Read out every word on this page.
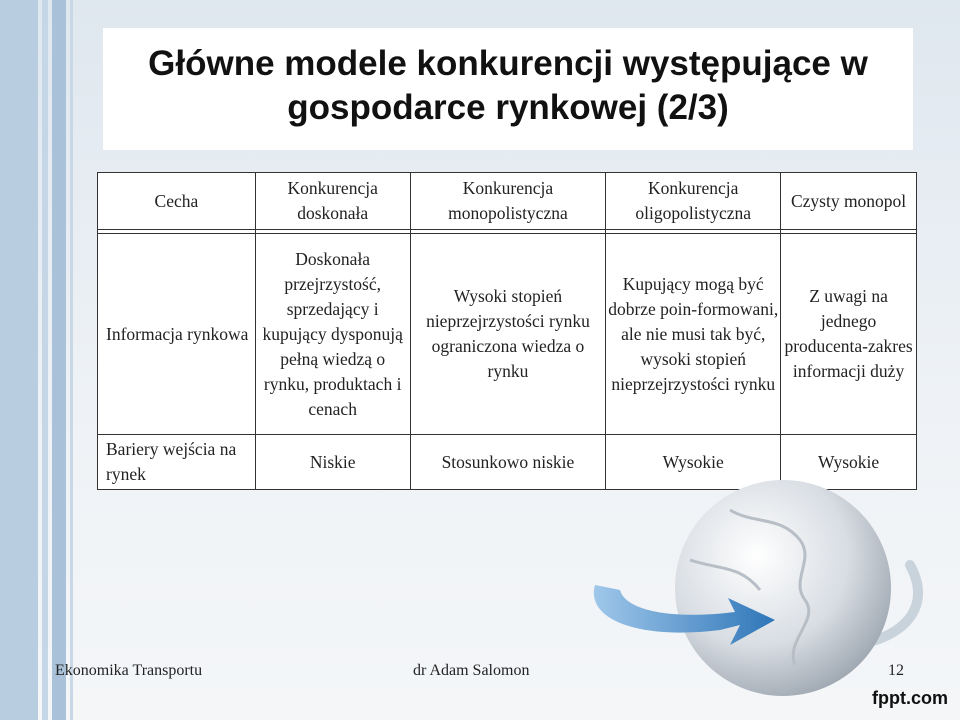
Główne modele konkurencji występujące w gospodarce rynkowej (2/3)
Cecha	Konkurencja doskonała	Konkurencja monopolistyczna	Konkurencja oligopolistyczna	Czysty monopol

Informacja rynkowa	Doskonała przejrzystość, sprzedający i kupujący dysponują pełną wiedzą o rynku, produktach i cenach	Wysoki stopień nieprzejrzystości rynku ograniczona wiedza o rynku	Kupujący mogą być dobrze poin-formowani, ale nie musi tak być, wysoki stopień nieprzejrzystości rynku	Z uwagi na jednego producenta-zakres informacji duży
Bariery wejścia na rynek	Niskie	Stosunkowo niskie	Wysokie	Wysokie
Ekonomika Transportu	dr Adam Salomon	12
fppt.com
